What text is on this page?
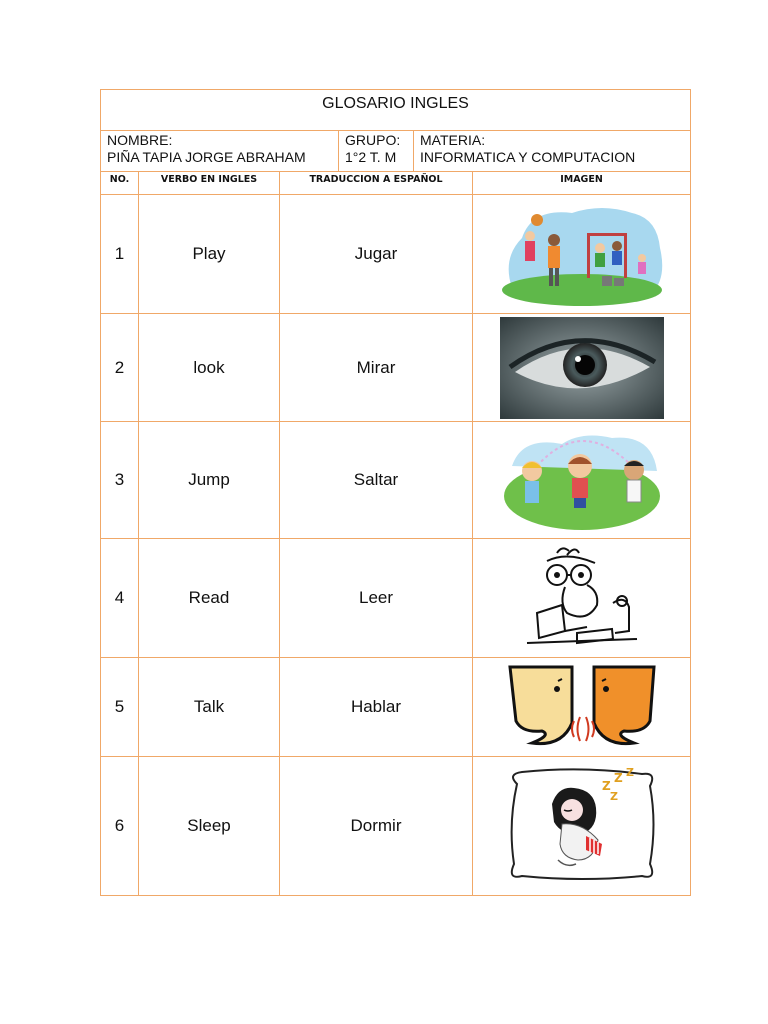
GLOSARIO INGLES
NOMBRE:
PIÑA TAPIA JORGE ABRAHAM
GRUPO:
1°2 T. M
MATERIA:
INFORMATICA Y COMPUTACION
NO.	VERBO EN INGLES	TRADUCCION A ESPAÑOL	IMAGEN
1	Play	Jugar
2	look	Mirar
3	Jump	Saltar
4	Read	Leer
5	Talk	Hablar
6	Sleep	Dormir
Z
Z Z
Z
